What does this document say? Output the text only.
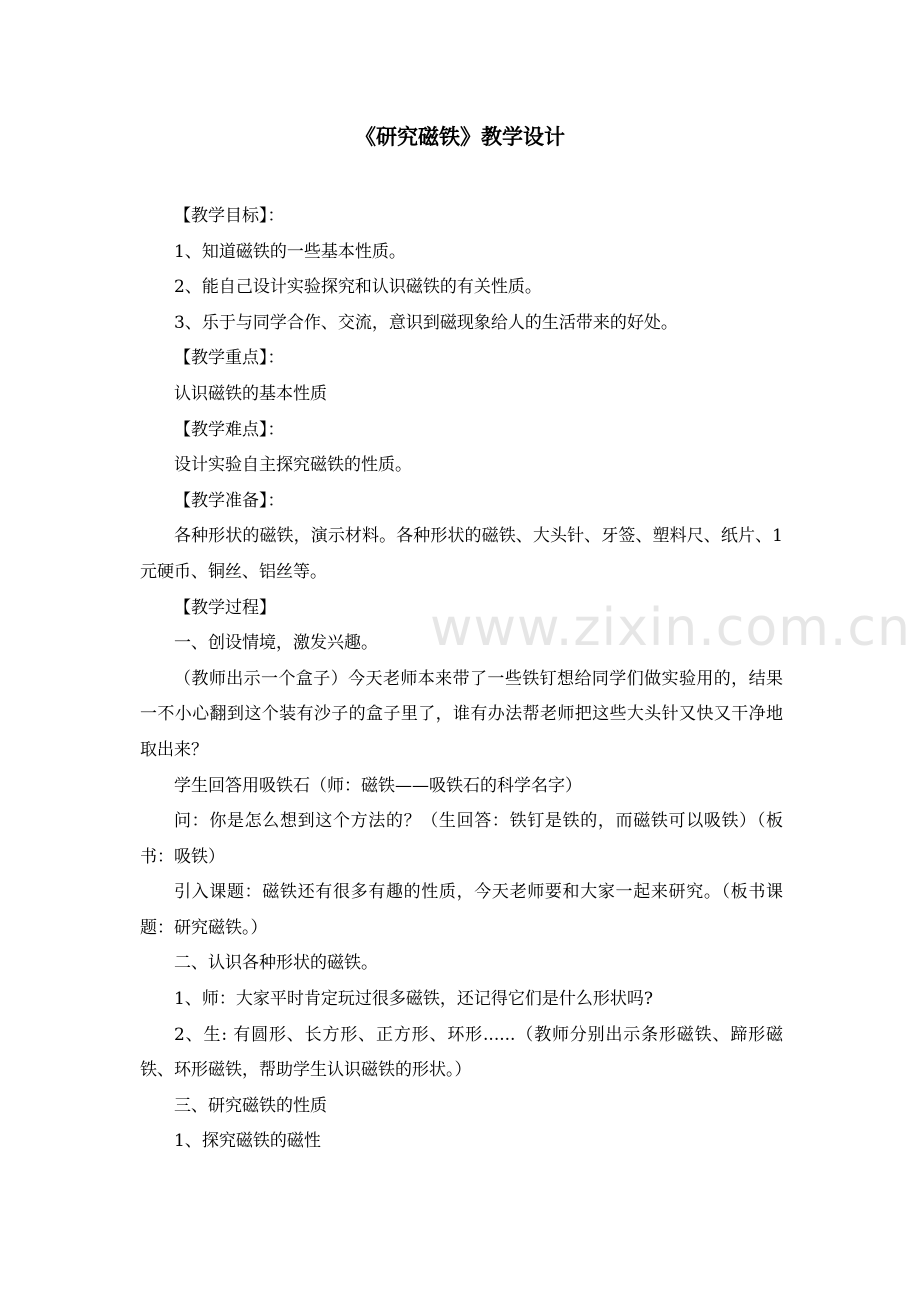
www.zixin.com.cn
《研究磁铁》教学设计

【教学目标】：

1、知道磁铁的一些基本性质。

2、能自己设计实验探究和认识磁铁的有关性质。

3、乐于与同学合作、交流，意识到磁现象给人的生活带来的好处。

【教学重点】：

认识磁铁的基本性质

【教学难点】：

设计实验自主探究磁铁的性质。

【教学准备】：

各种形状的磁铁，演示材料。各种形状的磁铁、大头针、牙签、塑料尺、纸片、1元硬币、铜丝、铝丝等。

【教学过程】

一、创设情境，激发兴趣。

（教师出示一个盒子）今天老师本来带了一些铁钉想给同学们做实验用的，结果一不小心翻到这个装有沙子的盒子里了，谁有办法帮老师把这些大头针又快又干净地取出来？

学生回答用吸铁石（师：磁铁——吸铁石的科学名字）

问：你是怎么想到这个方法的？（生回答：铁钉是铁的，而磁铁可以吸铁）（板书：吸铁）

引入课题：磁铁还有很多有趣的性质，今天老师要和大家一起来研究。（板书课题：研究磁铁。）

二、认识各种形状的磁铁。

1、师：大家平时肯定玩过很多磁铁，还记得它们是什么形状吗?

2、生: 有圆形、长方形、正方形、环形......（教师分别出示条形磁铁、蹄形磁铁、环形磁铁，帮助学生认识磁铁的形状。）

三、研究磁铁的性质

1、探究磁铁的磁性
